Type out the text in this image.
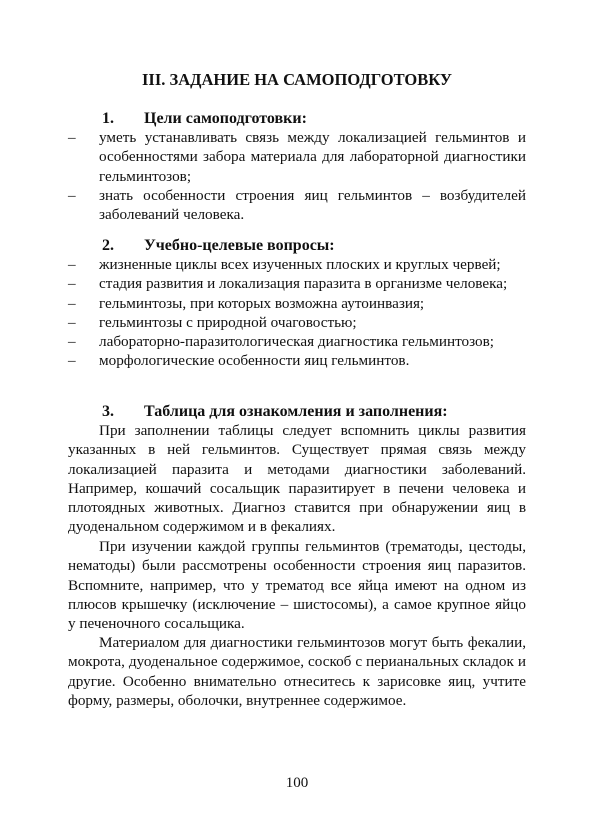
III. ЗАДАНИЕ НА САМОПОДГОТОВКУ

1. Цели самоподготовки:

– уметь устанавливать связь между локализацией гельминтов и особенностями забора материала для лабораторной диагностики гельминтозов;
– знать особенности строения яиц гельминтов – возбудителей заболеваний человека.

2. Учебно-целевые вопросы:

– жизненные циклы всех изученных плоских и круглых червей;
– стадия развития и локализация паразита в организме человека;
– гельминтозы, при которых возможна аутоинвазия;
– гельминтозы с природной очаговостью;
– лабораторно-паразитологическая диагностика гельминтозов;
– морфологические особенности яиц гельминтов.

3. Таблица для ознакомления и заполнения:

При заполнении таблицы следует вспомнить циклы развития указанных в ней гельминтов. Существует прямая связь между локализацией паразита и методами диагностики заболеваний. Например, кошачий сосальщик паразитирует в печени человека и плотоядных животных. Диагноз ставится при обнаружении яиц в дуоденальном содержимом и в фекалиях.

При изучении каждой группы гельминтов (трематоды, цестоды, нематоды) были рассмотрены особенности строения яиц паразитов. Вспомните, например, что у трематод все яйца имеют на одном из плюсов крышечку (исключение – шистосомы), а самое крупное яйцо у печеночного сосальщика.

Материалом для диагностики гельминтозов могут быть фекалии, мокрота, дуоденальное содержимое, соскоб с перианальных складок и другие. Особенно внимательно отнеситесь к зарисовке яиц, учтите форму, размеры, оболочки, внутреннее содержимое.

100
